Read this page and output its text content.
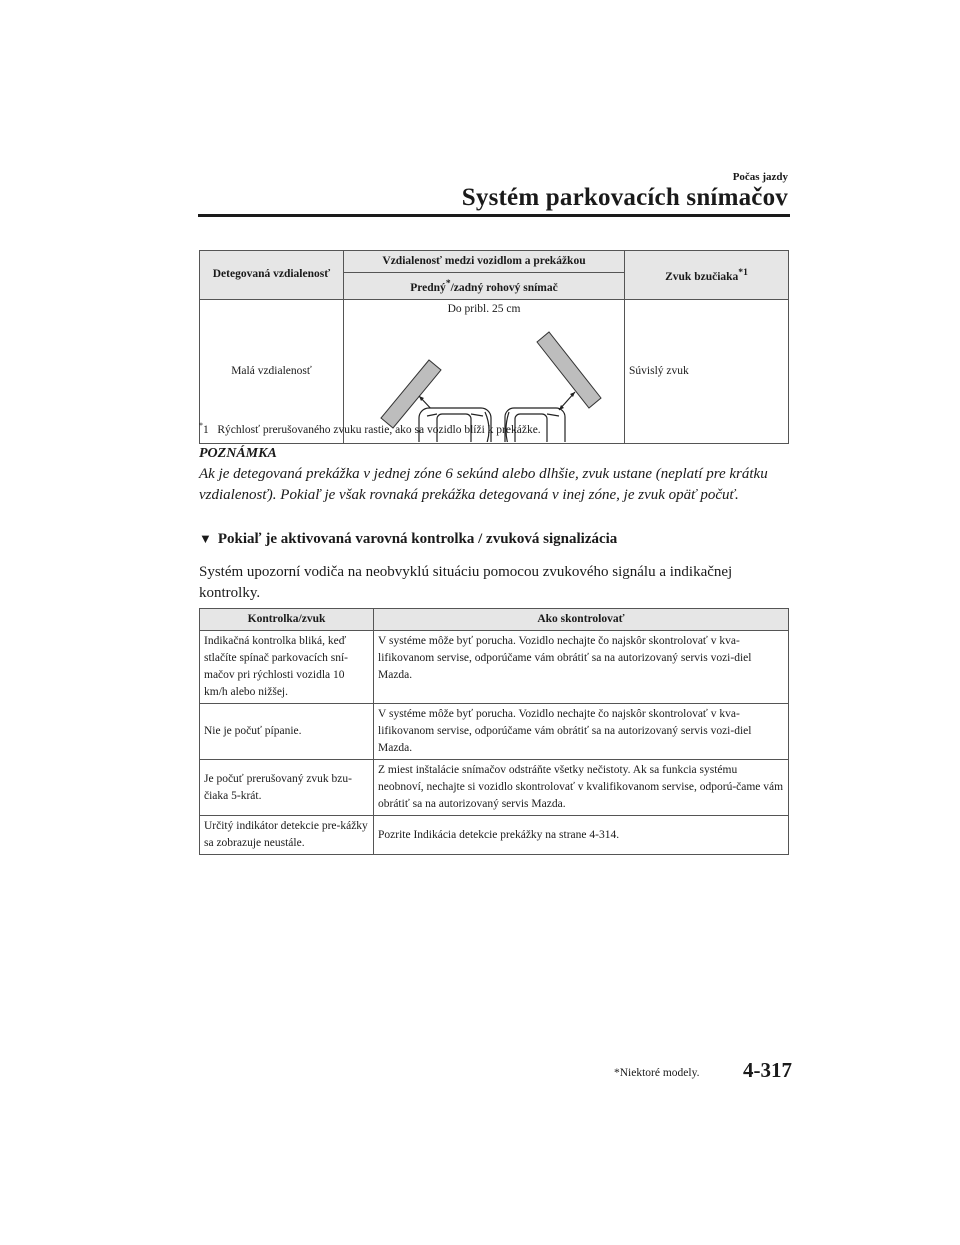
Počas jazdy
Systém parkovacích snímačov
Detegovaná vzdialenosť	Vzdialenosť medzi vozidlom a prekážkou	Zvuk bzučiaka$^{*1}$
	Predný*/zadný rohový snímač	
Malá vzdialenosť	Do pribl. 25 cm	Súvislý zvuk
*1 Rýchlosť prerušovaného zvuku rastie, ako sa vozidlo blíži k prekážke.
POZNÁMKA
Ak je detegovaná prekážka v jednej zóne 6 sekúnd alebo dlhšie, zvuk ustane (neplatí pre krátku vzdialenosť). Pokiaľ je však rovnaká prekážka detegovaná v inej zóne, je zvuk opäť počuť.
▼ Pokiaľ je aktivovaná varovná kontrolka / zvuková signalizácia
Systém upozorní vodiča na neobvyklú situáciu pomocou zvukového signálu a indikačnej kontrolky.
Kontrolka/zvuk	Ako skontrolovať
Indikačná kontrolka bliká, keď stlačíte spínač parkovacích sní-mačov pri rýchlosti vozidla 10 km/h alebo nižšej.	V systéme môže byť porucha. Vozidlo nechajte čo najskôr skontrolovať v kva-lifikovanom servise, odporúčame vám obrátiť sa na autorizovaný servis vozi-diel Mazda.
Nie je počuť pípanie.	V systéme môže byť porucha. Vozidlo nechajte čo najskôr skontrolovať v kva-lifikovanom servise, odporúčame vám obrátiť sa na autorizovaný servis vozi-diel Mazda.
Je počuť prerušovaný zvuk bzu-čiaka 5-krát.	Z miest inštalácie snímačov odstráňte všetky nečistoty. Ak sa funkcia systému neobnoví, nechajte si vozidlo skontrolovať v kvalifikovanom servise, odporú-čame vám obrátiť sa na autorizovaný servis Mazda.
Určitý indikátor detekcie pre-kážky sa zobrazuje neustále.	Pozrite Indikácia detekcie prekážky na strane 4-314.
*Niektoré modely. 4-317
